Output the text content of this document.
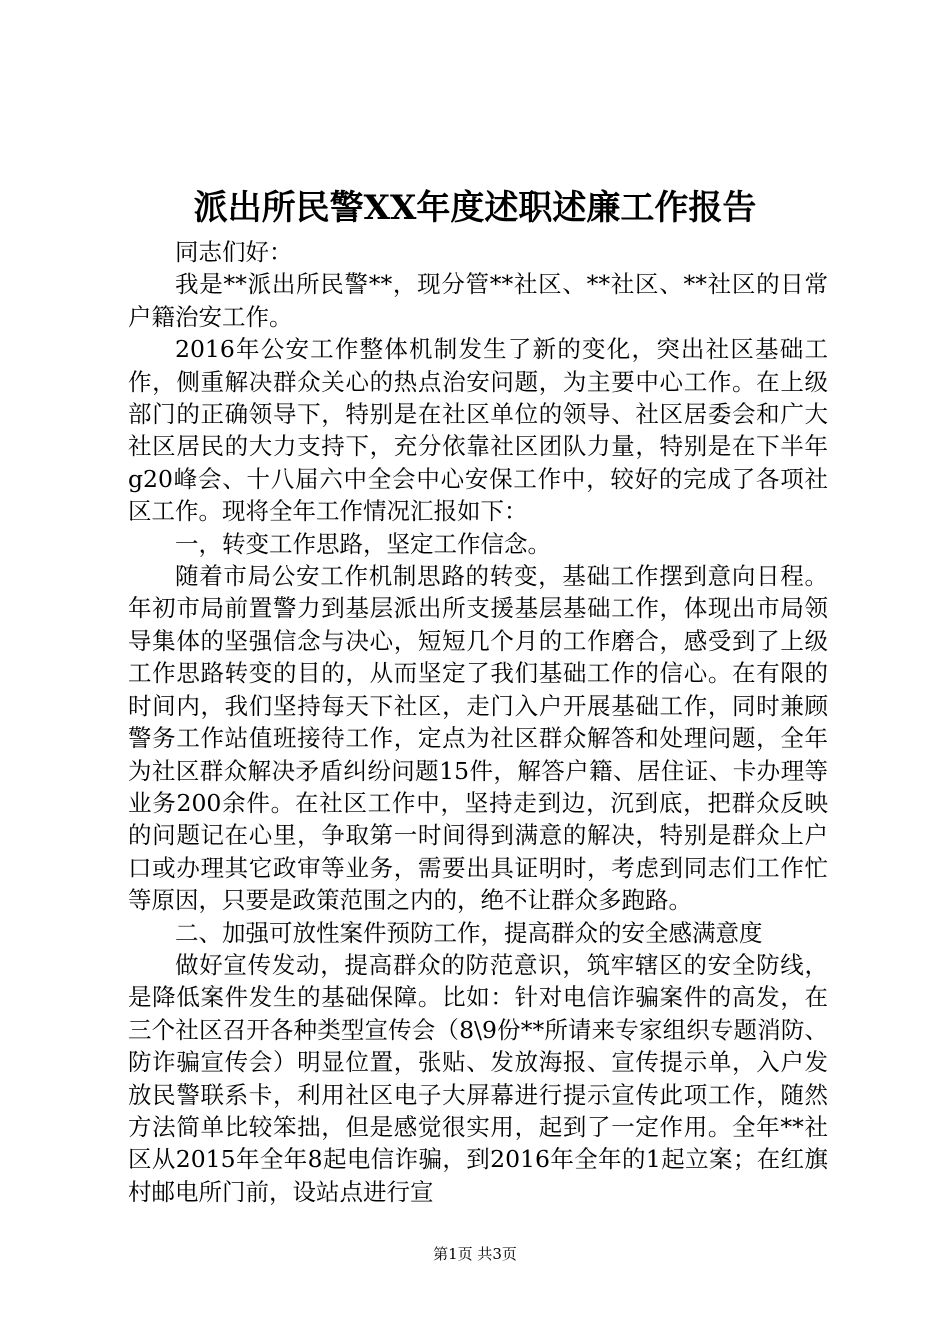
派出所民警XX年度述职述廉工作报告

同志们好：

我是**派出所民警**，现分管**社区、**社区、**社区的日常户籍治安工作。

2016年公安工作整体机制发生了新的变化，突出社区基础工作，侧重解决群众关心的热点治安问题，为主要中心工作。在上级部门的正确领导下，特别是在社区单位的领导、社区居委会和广大社区居民的大力支持下，充分依靠社区团队力量，特别是在下半年g20峰会、十八届六中全会中心安保工作中，较好的完成了各项社区工作。现将全年工作情况汇报如下：

一，转变工作思路，坚定工作信念。

随着市局公安工作机制思路的转变，基础工作摆到意向日程。年初市局前置警力到基层派出所支援基层基础工作，体现出市局领导集体的坚强信念与决心，短短几个月的工作磨合，感受到了上级工作思路转变的目的，从而坚定了我们基础工作的信心。在有限的时间内，我们坚持每天下社区，走门入户开展基础工作，同时兼顾警务工作站值班接待工作，定点为社区群众解答和处理问题，全年为社区群众解决矛盾纠纷问题15件，解答户籍、居住证、卡办理等业务200余件。在社区工作中，坚持走到边，沉到底，把群众反映的问题记在心里，争取第一时间得到满意的解决，特别是群众上户口或办理其它政审等业务，需要出具证明时，考虑到同志们工作忙等原因，只要是政策范围之内的，绝不让群众多跑路。

二、加强可放性案件预防工作，提高群众的安全感满意度

做好宣传发动，提高群众的防范意识，筑牢辖区的安全防线，是降低案件发生的基础保障。比如：针对电信诈骗案件的高发，在三个社区召开各种类型宣传会（8\9份**所请来专家组织专题消防、防诈骗宣传会）明显位置，张贴、发放海报、宣传提示单，入户发放民警联系卡，利用社区电子大屏幕进行提示宣传此项工作，随然方法简单比较笨拙，但是感觉很实用，起到了一定作用。全年**社区从2015年全年8起电信诈骗，到2016年全年的1起立案；在红旗村邮电所门前，设站点进行宣

第1页 共3页
